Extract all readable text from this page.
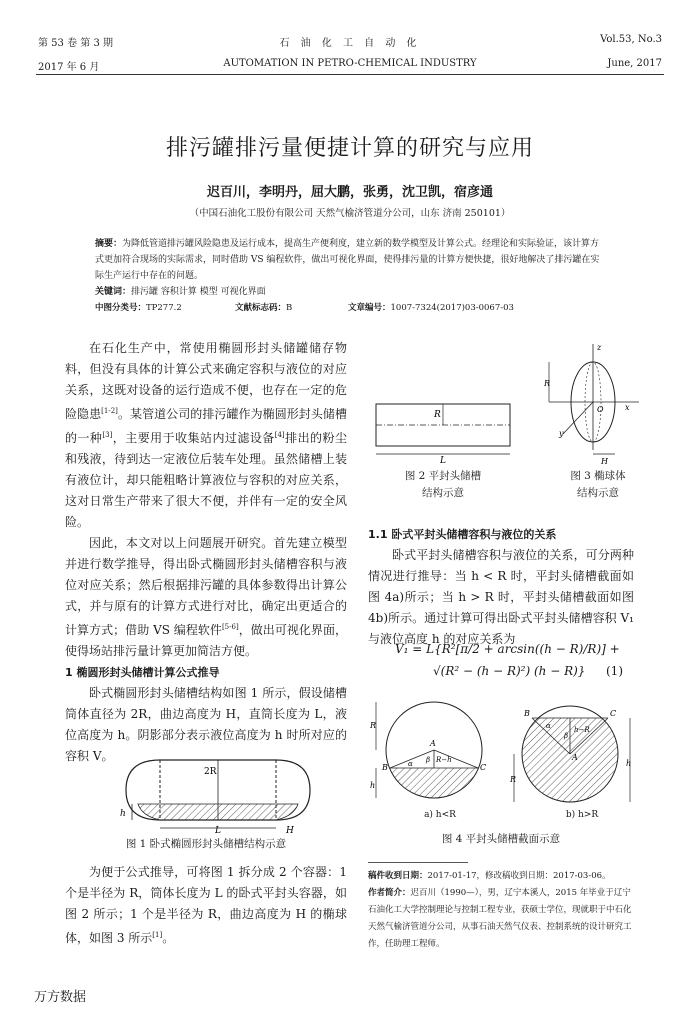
第 53 卷 第 3 期
2017 年 6 月
石 油 化 工 自 动 化
AUTOMATION IN PETRO-CHEMICAL INDUSTRY
Vol.53, No.3
June, 2017
排污罐排污量便捷计算的研究与应用
迟百川，李明丹，屈大鹏，张勇，沈卫凯，宿彦通
（中国石油化工股份有限公司 天然气榆济管道分公司，山东 济南 250101）
摘要：为降低管道排污罐风险隐患及运行成本，提高生产便利度，建立新的数学模型及计算公式。经理论和实际验证，该计算方式更加符合现场的实际需求，同时借助 VS 编程软件，做出可视化界面，使得排污量的计算方便快捷，很好地解决了排污罐在实际生产运行中存在的问题。
关键词：排污罐 容积计算 模型 可视化界面
中图分类号：TP277.2	文献标志码：B	文章编号：1007-7324(2017)03-0067-03

在石化生产中，常使用椭圆形封头储罐储存物料，但没有具体的计算公式来确定容积与液位的对应关系，这既对设备的运行造成不便，也存在一定的危险隐患[1-2]。某管道公司的排污罐作为椭圆形封头储槽的一种[3]，主要用于收集站内过滤设备[4]排出的粉尘和残液，待到达一定液位后装车处理。虽然储槽上装有液位计，却只能粗略计算液位与容积的对应关系，这对日常生产带来了很大不便，并伴有一定的安全风险。

因此，本文对以上问题展开研究。首先建立模型并进行数学推导，得出卧式椭圆形封头储槽容积与液位对应关系；然后根据排污罐的具体参数得出计算公式，并与原有的计算方式进行对比，确定出更适合的计算方式；借助 VS 编程软件[5-6]，做出可视化界面，使得场站排污量计算更加简洁方便。

1 椭圆形封头储槽计算公式推导

卧式椭圆形封头储槽结构如图 1 所示，假设储槽筒体直径为 2R，曲边高度为 H，直筒长度为 L，液位高度为 h。阴影部分表示液位高度为 h 时所对应的容积 V。

2R
h
L	H
图 1 卧式椭圆形封头储槽结构示意

为便于公式推导，可将图 1 拆分成 2 个容器：1 个是半径为 R，筒体长度为 L 的卧式平封头容器，如图 2 所示；1 个是半径为 R，曲边高度为 H 的椭球体，如图 3 所示[1]。

R
L
图 2 平封头储槽
结构示意
z
x
y
O
R
H
图 3 椭球体
结构示意

1.1 卧式平封头储槽容积与液位的关系

卧式平封头储槽容积与液位的关系，可分两种情况进行推导：当 h < R 时，平封头储槽截面如图 4a)所示；当 h > R 时，平封头储槽截面如图 4b)所示。通过计算可得出卧式平封头储槽容积 V₁ 与液位高度 h 的对应关系为

V₁ = L{R²[π/2 + arcsin((h − R)/R)] +
√(R² − (h − R)²) (h − R)} (1)
A
B	C
β
α	R−h
R
h
a) h<R
B	C
A
β
α	h−R
h
R
b) h>R
图 4 平封头储槽截面示意
稿件收到日期：2017-01-17，修改稿收到日期：2017-03-06。
作者简介：迟百川（1990—），男，辽宁本溪人，2015 年毕业于辽宁石油化工大学控制理论与控制工程专业，获硕士学位，现就职于中石化天然气榆济管道分公司，从事石油天然气仪表、控制系统的设计研究工作，任助理工程师。
万方数据
